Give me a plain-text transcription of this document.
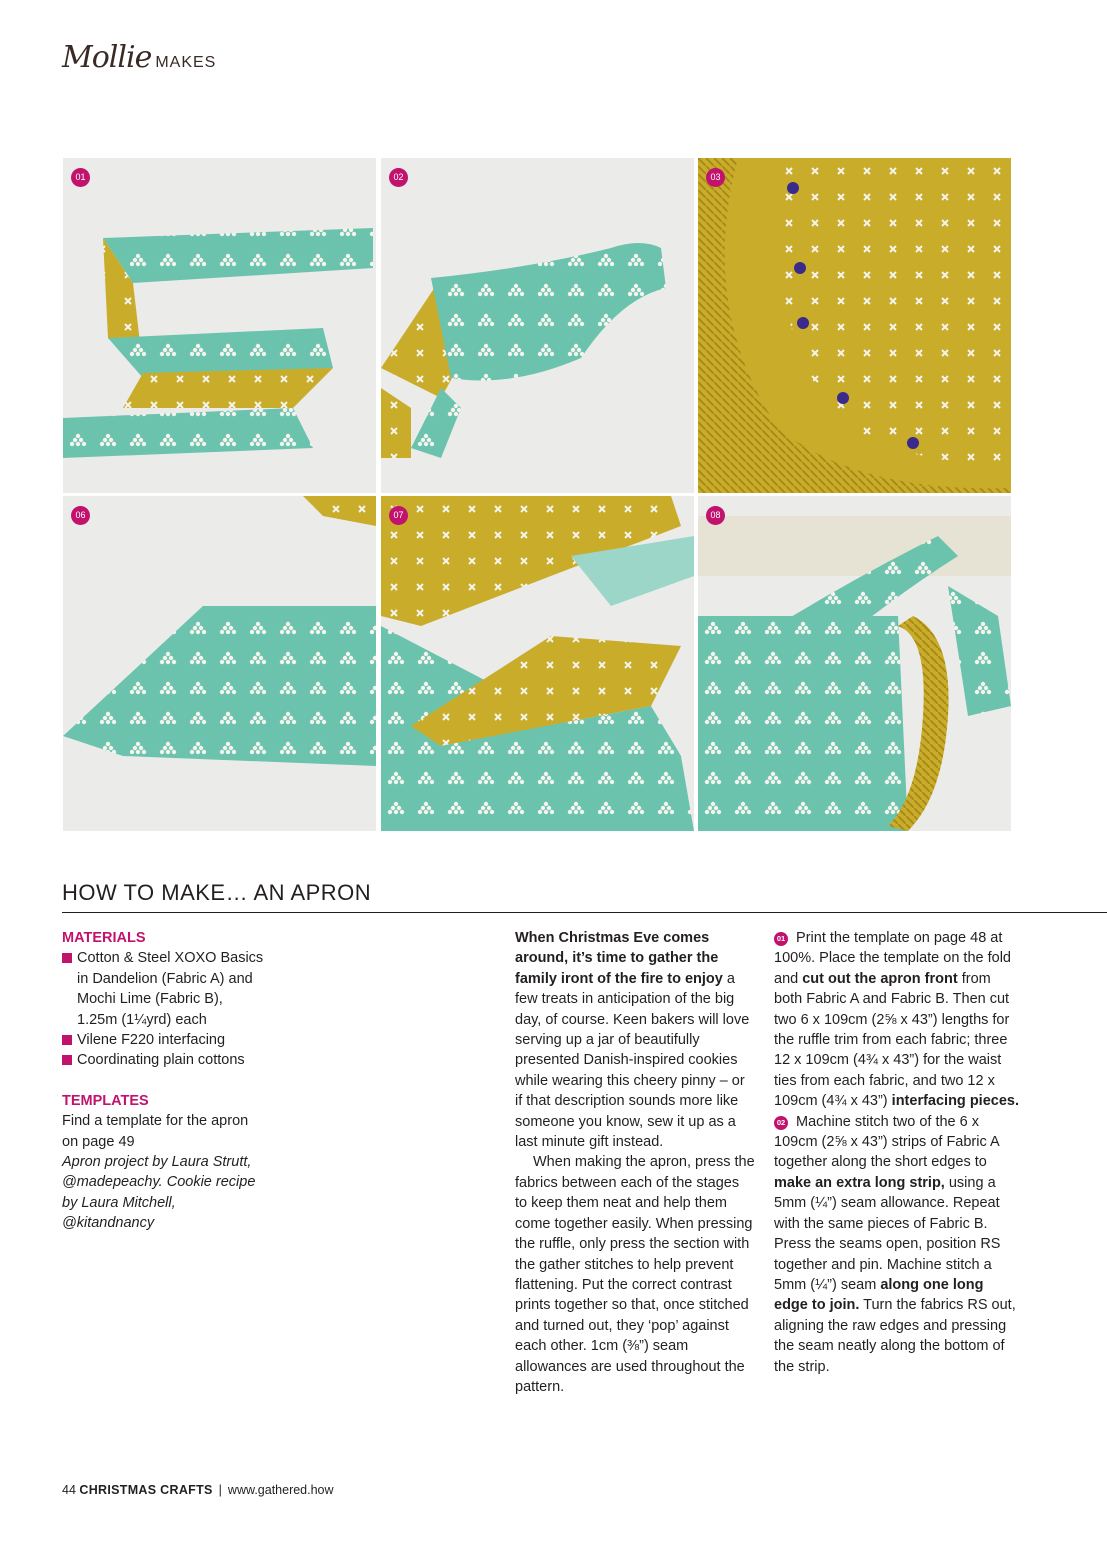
Mollie MAKES
01	02	03
06	07	08
HOW TO MAKE… AN APRON

MATERIALS

Cotton & Steel XOXO Basics in Dandelion (Fabric A) and Mochi Lime (Fabric B), 1.25m (1¼yrd) each
Vilene F220 interfacing
Coordinating plain cottons

TEMPLATES

Find a template for the apron on page 49

Apron project by Laura Strutt, @madepeachy. Cookie recipe by Laura Mitchell, @kitandnancy

When Christmas Eve comes around, it’s time to gather the family iront of the fire to enjoy a few treats in anticipation of the big day, of course. Keen bakers will love serving up a jar of beautifully presented Danish-inspired cookies while wearing this cheery pinny – or if that description sounds more like someone you know, sew it up as a last minute gift instead.

When making the apron, press the fabrics between each of the stages to keep them neat and help them come together easily. When pressing the ruffle, only press the section with the gather stitches to help prevent flattening. Put the correct contrast prints together so that, once stitched and turned out, they ‘pop’ against each other. 1cm (⅜”) seam allowances are used throughout the pattern.

01 Print the template on page 48 at 100%. Place the template on the fold and cut out the apron front from both Fabric A and Fabric B. Then cut two 6 x 109cm (2⅝ x 43”) lengths for the ruffle trim from each fabric; three 12 x 109cm (4¾ x 43”) for the waist ties from each fabric, and two 12 x 109cm (4¾ x 43”) interfacing pieces.

02 Machine stitch two of the 6 x 109cm (2⅝ x 43”) strips of Fabric A together along the short edges to make an extra long strip, using a 5mm (¼”) seam allowance. Repeat with the same pieces of Fabric B. Press the seams open, position RS together and pin. Machine stitch a 5mm (¼”) seam along one long edge to join. Turn the fabrics RS out, aligning the raw edges and pressing the seam neatly along the bottom of the strip.

44 CHRISTMAS CRAFTS | www.gathered.how
